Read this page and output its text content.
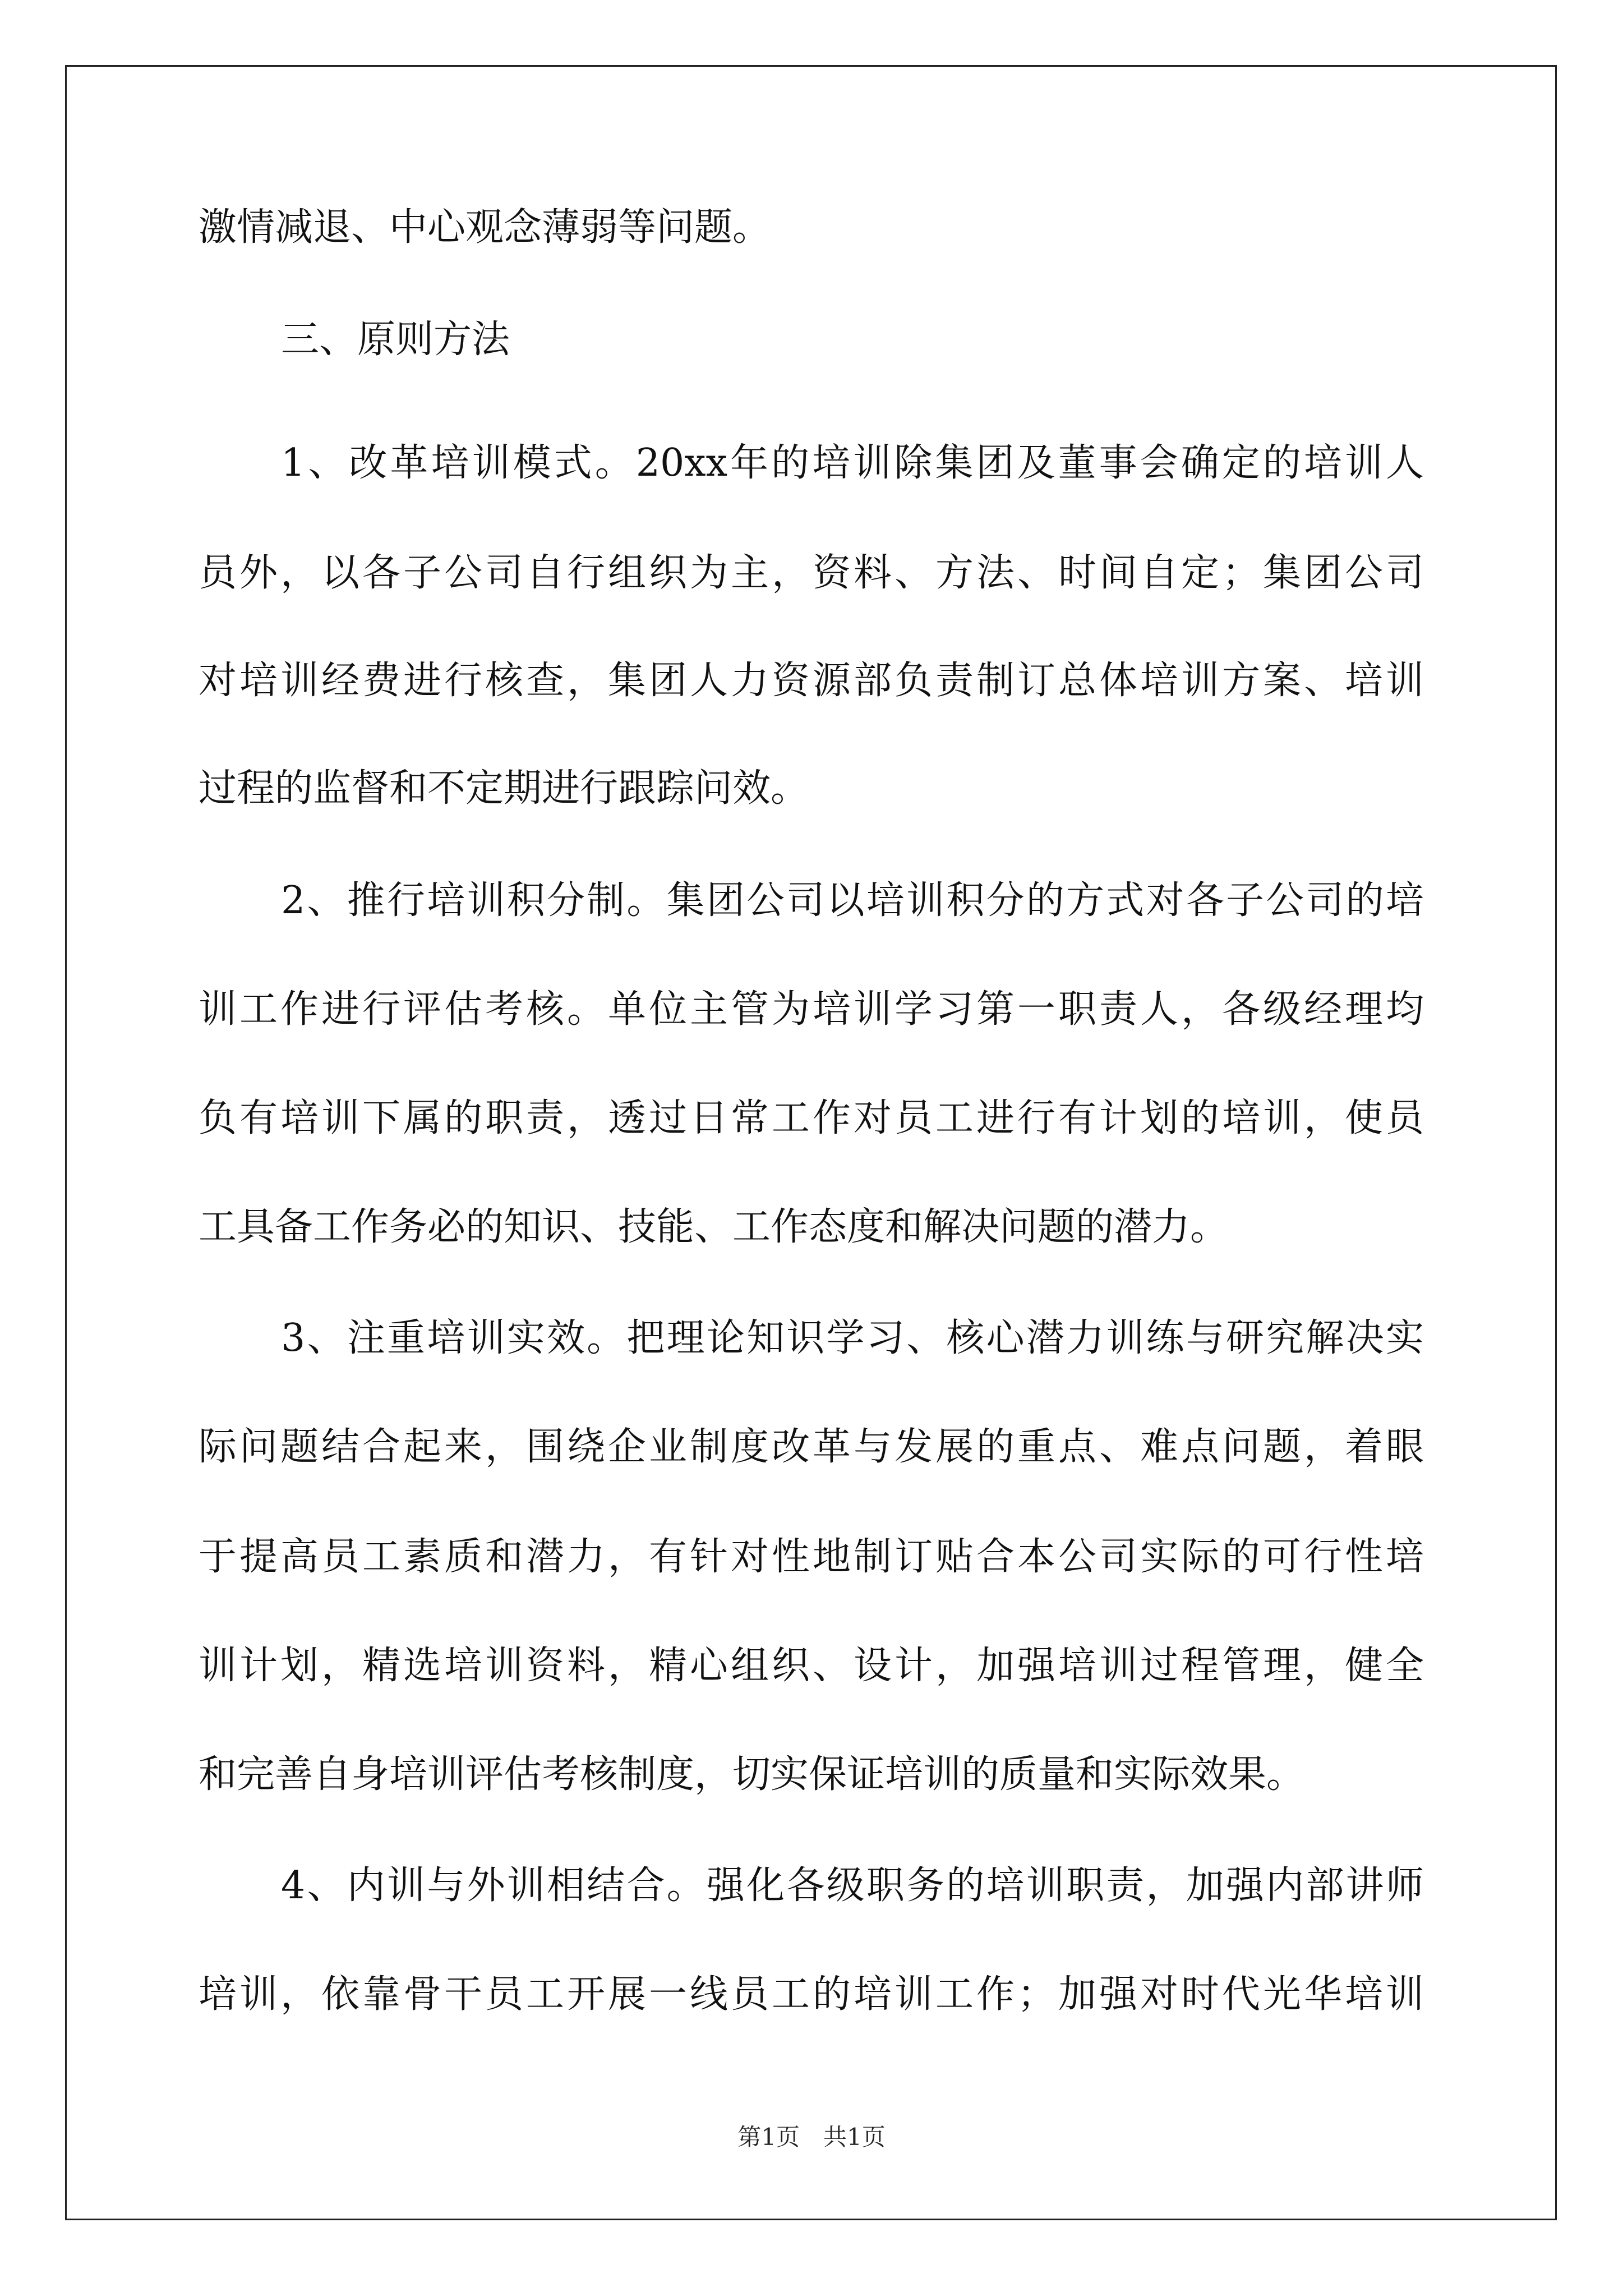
激情减退、中心观念薄弱等问题。
三、原则方法
1、改革培训模式。20xx年的培训除集团及董事会确定的培训人
员外，以各子公司自行组织为主，资料、方法、时间自定；集团公司
对培训经费进行核查，集团人力资源部负责制订总体培训方案、培训
过程的监督和不定期进行跟踪问效。
2、推行培训积分制。集团公司以培训积分的方式对各子公司的培
训工作进行评估考核。单位主管为培训学习第一职责人，各级经理均
负有培训下属的职责，透过日常工作对员工进行有计划的培训，使员
工具备工作务必的知识、技能、工作态度和解决问题的潜力。
3、注重培训实效。把理论知识学习、核心潜力训练与研究解决实
际问题结合起来，围绕企业制度改革与发展的重点、难点问题，着眼
于提高员工素质和潜力，有针对性地制订贴合本公司实际的可行性培
训计划，精选培训资料，精心组织、设计，加强培训过程管理，健全
和完善自身培训评估考核制度，切实保证培训的质量和实际效果。
4、内训与外训相结合。强化各级职务的培训职责，加强内部讲师
培训，依靠骨干员工开展一线员工的培训工作；加强对时代光华培训
第1页　共1页
